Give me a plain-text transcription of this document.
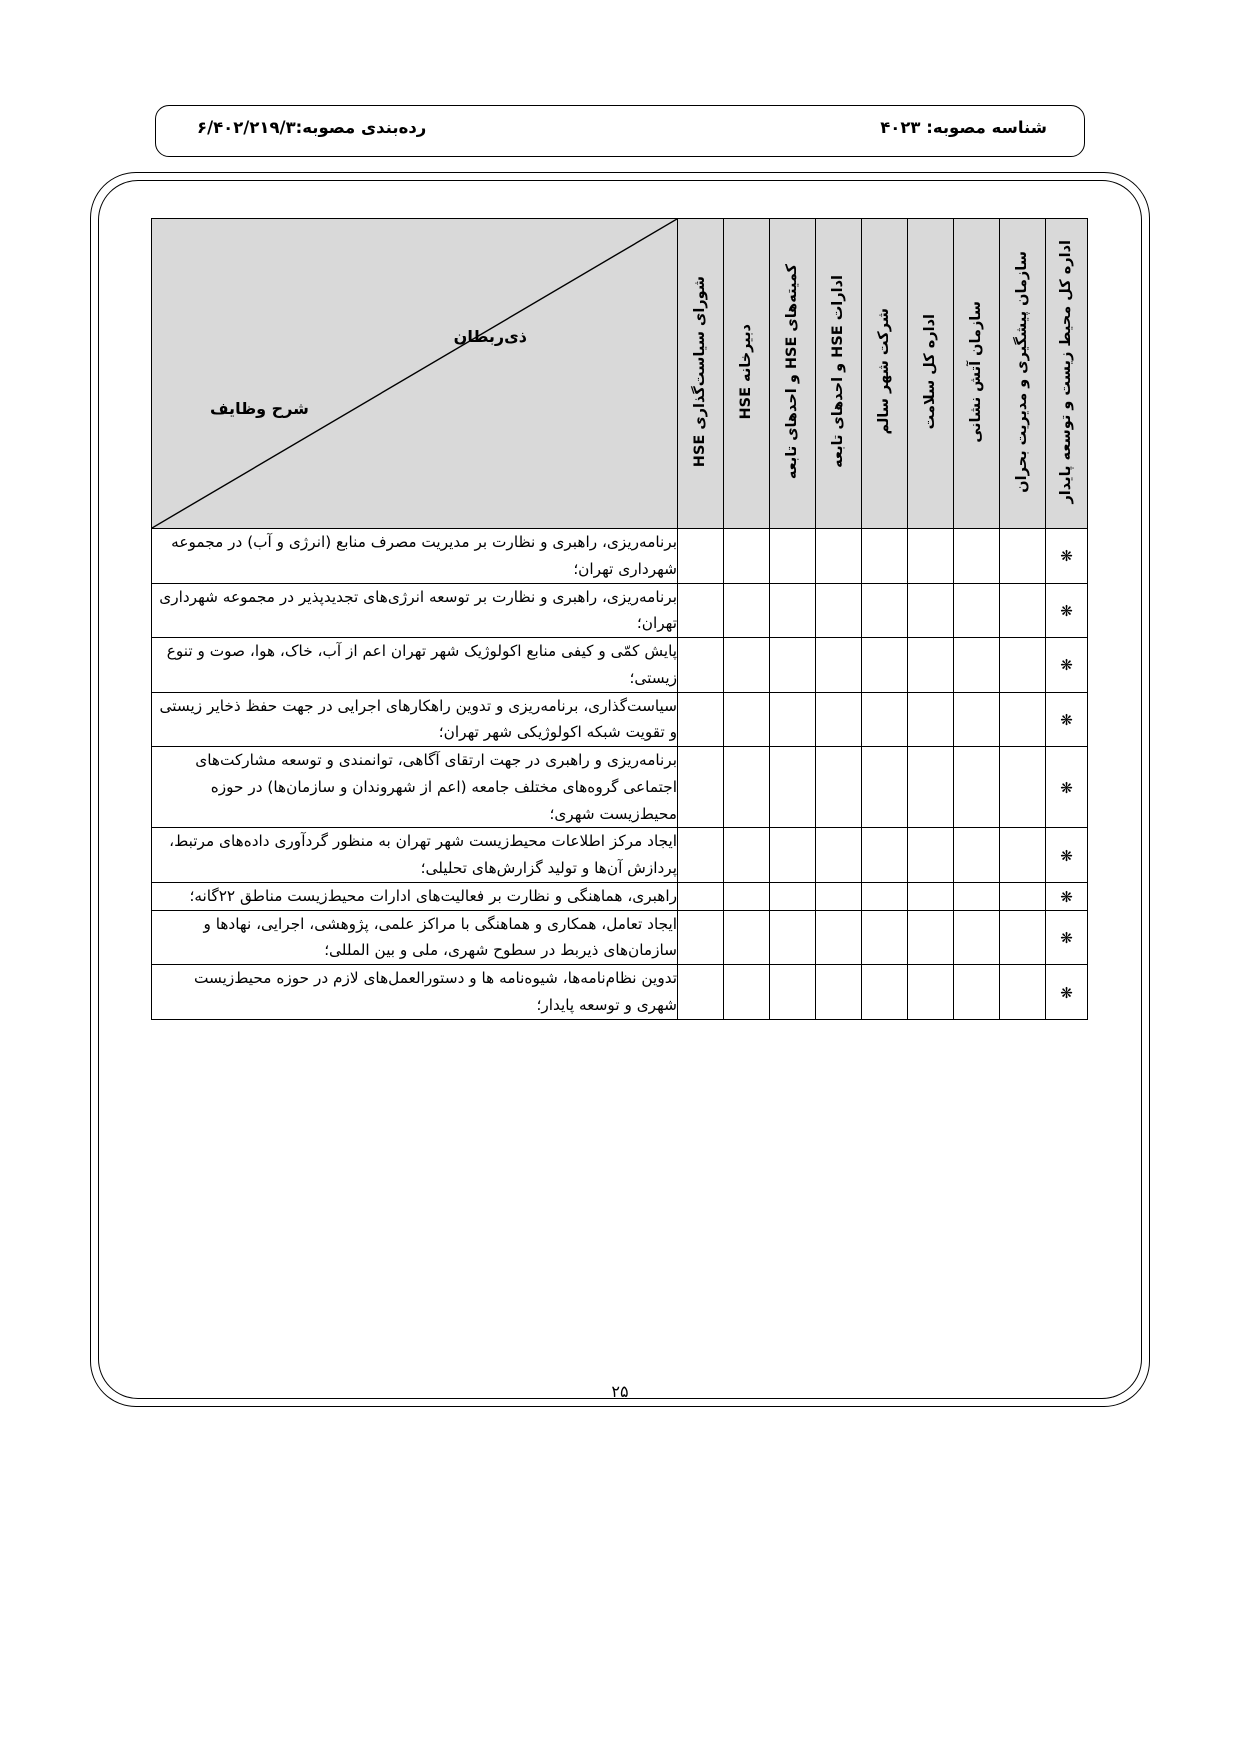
شناسه مصوبه: ۴۰۲۳
رده‌بندی مصوبه:۶/۴۰۲/۲۱۹/۳
اداره کل محیط زیست و توسعه پایدار	سازمان پیشگیری و مدیریت بحران	سازمان آتش نشانی	اداره کل سلامت	شرکت شهر سالم	ادارات HSE و احدهای تابعه	کمیته‌های HSE و احدهای تابعه	دبیرخانه HSE	شورای سیاست‌گذاری HSE	ذی‌ربطان
شرح وظایف

❋									برنامه‌ریزی، راهبری و نظارت بر مدیریت مصرف منابع (انرژی و آب) در مجموعه شهرداری تهران؛
❋									برنامه‌ریزی، راهبری و نظارت بر توسعه انرژی‌های تجدیدپذیر در مجموعه شهرداری تهران؛
❋									پایش کمّی و کیفی منابع اکولوژیک شهر تهران اعم از آب، خاک، هوا، صوت و تنوع زیستی؛
❋									سیاست‌گذاری، برنامه‌ریزی و تدوین راهکارهای اجرایی در جهت حفظ ذخایر زیستی و تقویت شبکه اکولوژیکی شهر تهران؛
❋									برنامه‌ریزی و راهبری در جهت ارتقای آگاهی، توانمندی و توسعه مشارکت‌های اجتماعی گروه‌های مختلف جامعه (اعم از شهروندان و سازمان‌ها) در حوزه محیط‌زیست شهری؛
❋									ایجاد مرکز اطلاعات محیط‌زیست شهر تهران به منظور گردآوری داده‌های مرتبط، پردازش آن‌ها و تولید گزارش‌های تحلیلی؛
❋									راهبری، هماهنگی و نظارت بر فعالیت‌های ادارات محیط‌زیست مناطق ۲۲گانه؛
❋									ایجاد تعامل، همکاری و هماهنگی با مراکز علمی، پژوهشی، اجرایی، نهادها و سازمان‌های ذیربط در سطوح شهری، ملی و بین المللی؛
❋									تدوین نظام‌نامه‌ها، شیوه‌نامه ها و دستورالعمل‌های لازم در حوزه محیط‌زیست شهری و توسعه پایدار؛
۲۵
